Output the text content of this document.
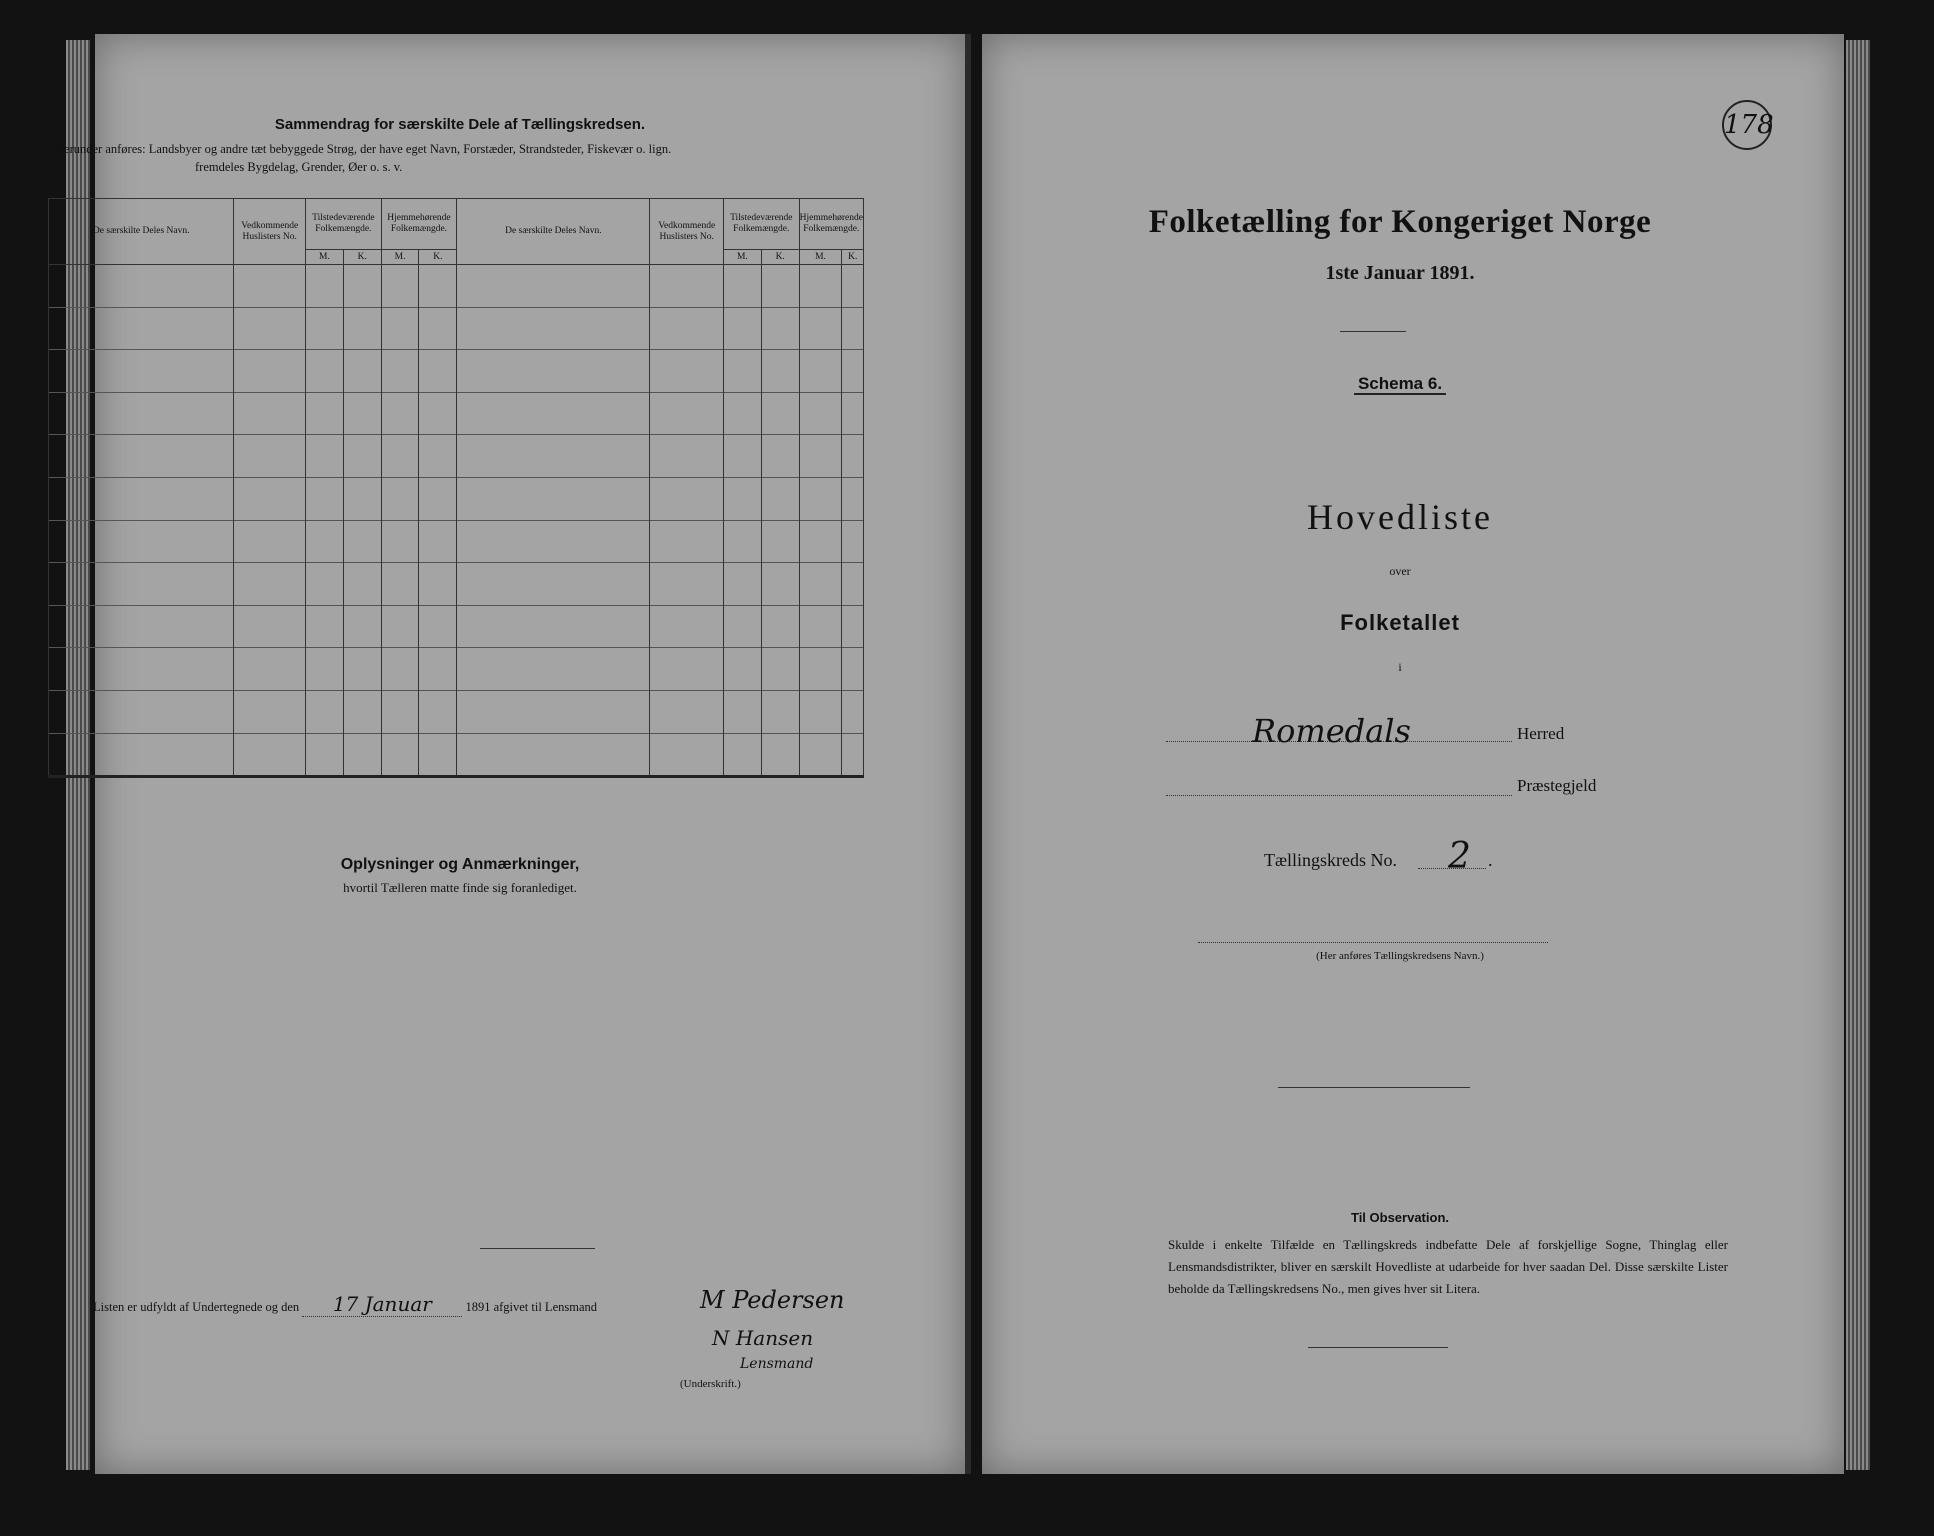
Sammendrag for særskilte Dele af Tællingskredsen.
Herunder anføres: Landsbyer og andre tæt bebyggede Strøg, der have eget Navn, Forstæder, Strandsteder, Fiskevær o. lign.
fremdeles Bygdelag, Grender, Øer o. s. v.
De særskilte Deles Navn.	Vedkommende Huslisters No.	Tilstedeværende Folkemængde.		Hjemmehørende Folkemængde.		De særskilte Deles Navn.	Vedkommende Huslisters No.	Tilstedeværende Folkemængde.		Hjemmehørende Folkemængde.	
		M.	K.	M.	K.			M.	K.	M.	K.

Oplysninger og Anmærkninger,
hvortil Tælleren matte finde sig foranlediget.
Listen er udfyldt af Undertegnede og den 17 Januar	1891 afgivet til Lensmand	M Pedersen
N Hansen
Lensmand
(Underskrift.)
178
Folketælling for Kongeriget Norge
1ste Januar 1891.
Schema 6.
Hovedliste
over
Folketallet
i
Romedals	Herred
Præstegjeld
Tællingskreds No. 2 .
(Her anføres Tællingskredsens Navn.)
Til Observation.
Skulde i enkelte Tilfælde en Tællingskreds indbefatte Dele af forskjellige Sogne, Thinglag eller Lensmandsdistrikter, bliver en særskilt Hovedliste at udarbeide for hver saadan Del. Disse særskilte Lister beholde da Tællingskredsens No., men gives hver sit Litera.
